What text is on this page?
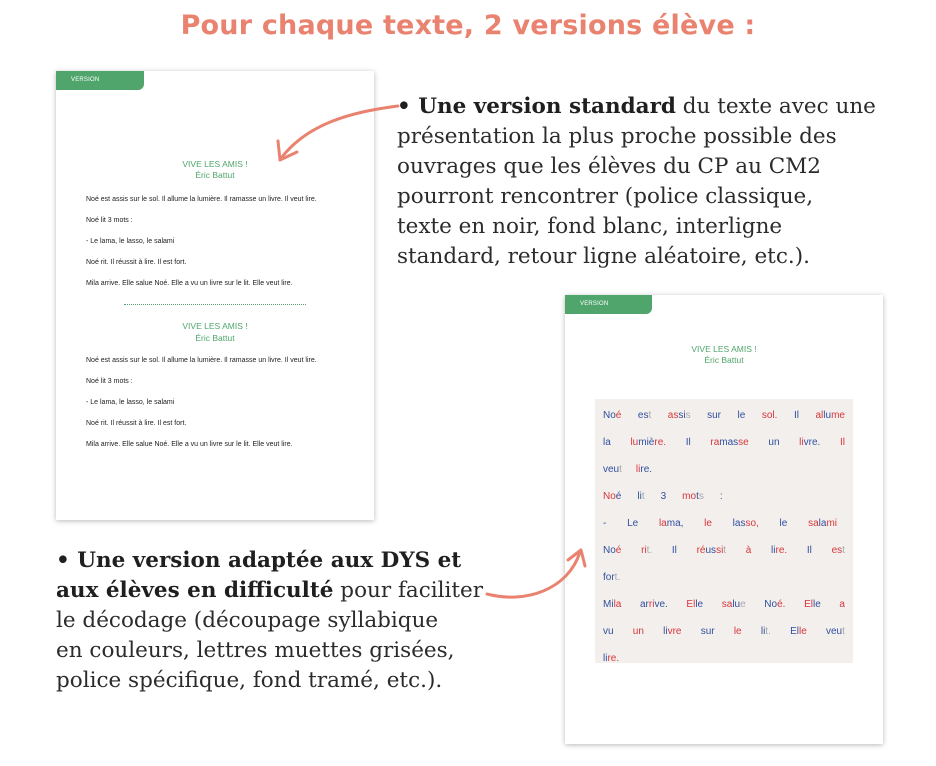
Pour chaque texte, 2 versions élève :
VERSION STANDARD
VIVE LES AMIS !
Éric Battut

Noé est assis sur le sol. Il allume la lumière. Il ramasse un livre. Il veut lire.

Noé lit 3 mots :

- Le lama, le lasso, le salami

Noé rit. Il réussit à lire. Il est fort.

Mila arrive. Elle salue Noé. Elle a vu un livre sur le lit. Elle veut lire.

VIVE LES AMIS !
Éric Battut

Noé est assis sur le sol. Il allume la lumière. Il ramasse un livre. Il veut lire.

Noé lit 3 mots :

- Le lama, le lasso, le salami

Noé rit. Il réussit à lire. Il est fort.

Mila arrive. Elle salue Noé. Elle a vu un livre sur le lit. Elle veut lire.

VERSION ADAPTÉE
VIVE LES AMIS !
Éric Battut
Noé est assis sur le sol. Il allume
la lumière. Il ramasse un livre. Il
veut lire.
Noé lit 3 mots :
- Le lama, le lasso, le salami
Noé rit. Il réussit à lire. Il est
fort.
Mila arrive. Elle salue Noé. Elle a
vu un livre sur le lit. Elle veut
lire.
• Une version standard du texte avec une
présentation la plus proche possible des
ouvrages que les élèves du CP au CM2
pourront rencontrer (police classique,
texte en noir, fond blanc, interligne
standard, retour ligne aléatoire, etc.).
• Une version adaptée aux DYS et
aux élèves en difficulté pour faciliter
le décodage (découpage syllabique
en couleurs, lettres muettes grisées,
police spécifique, fond tramé, etc.).
